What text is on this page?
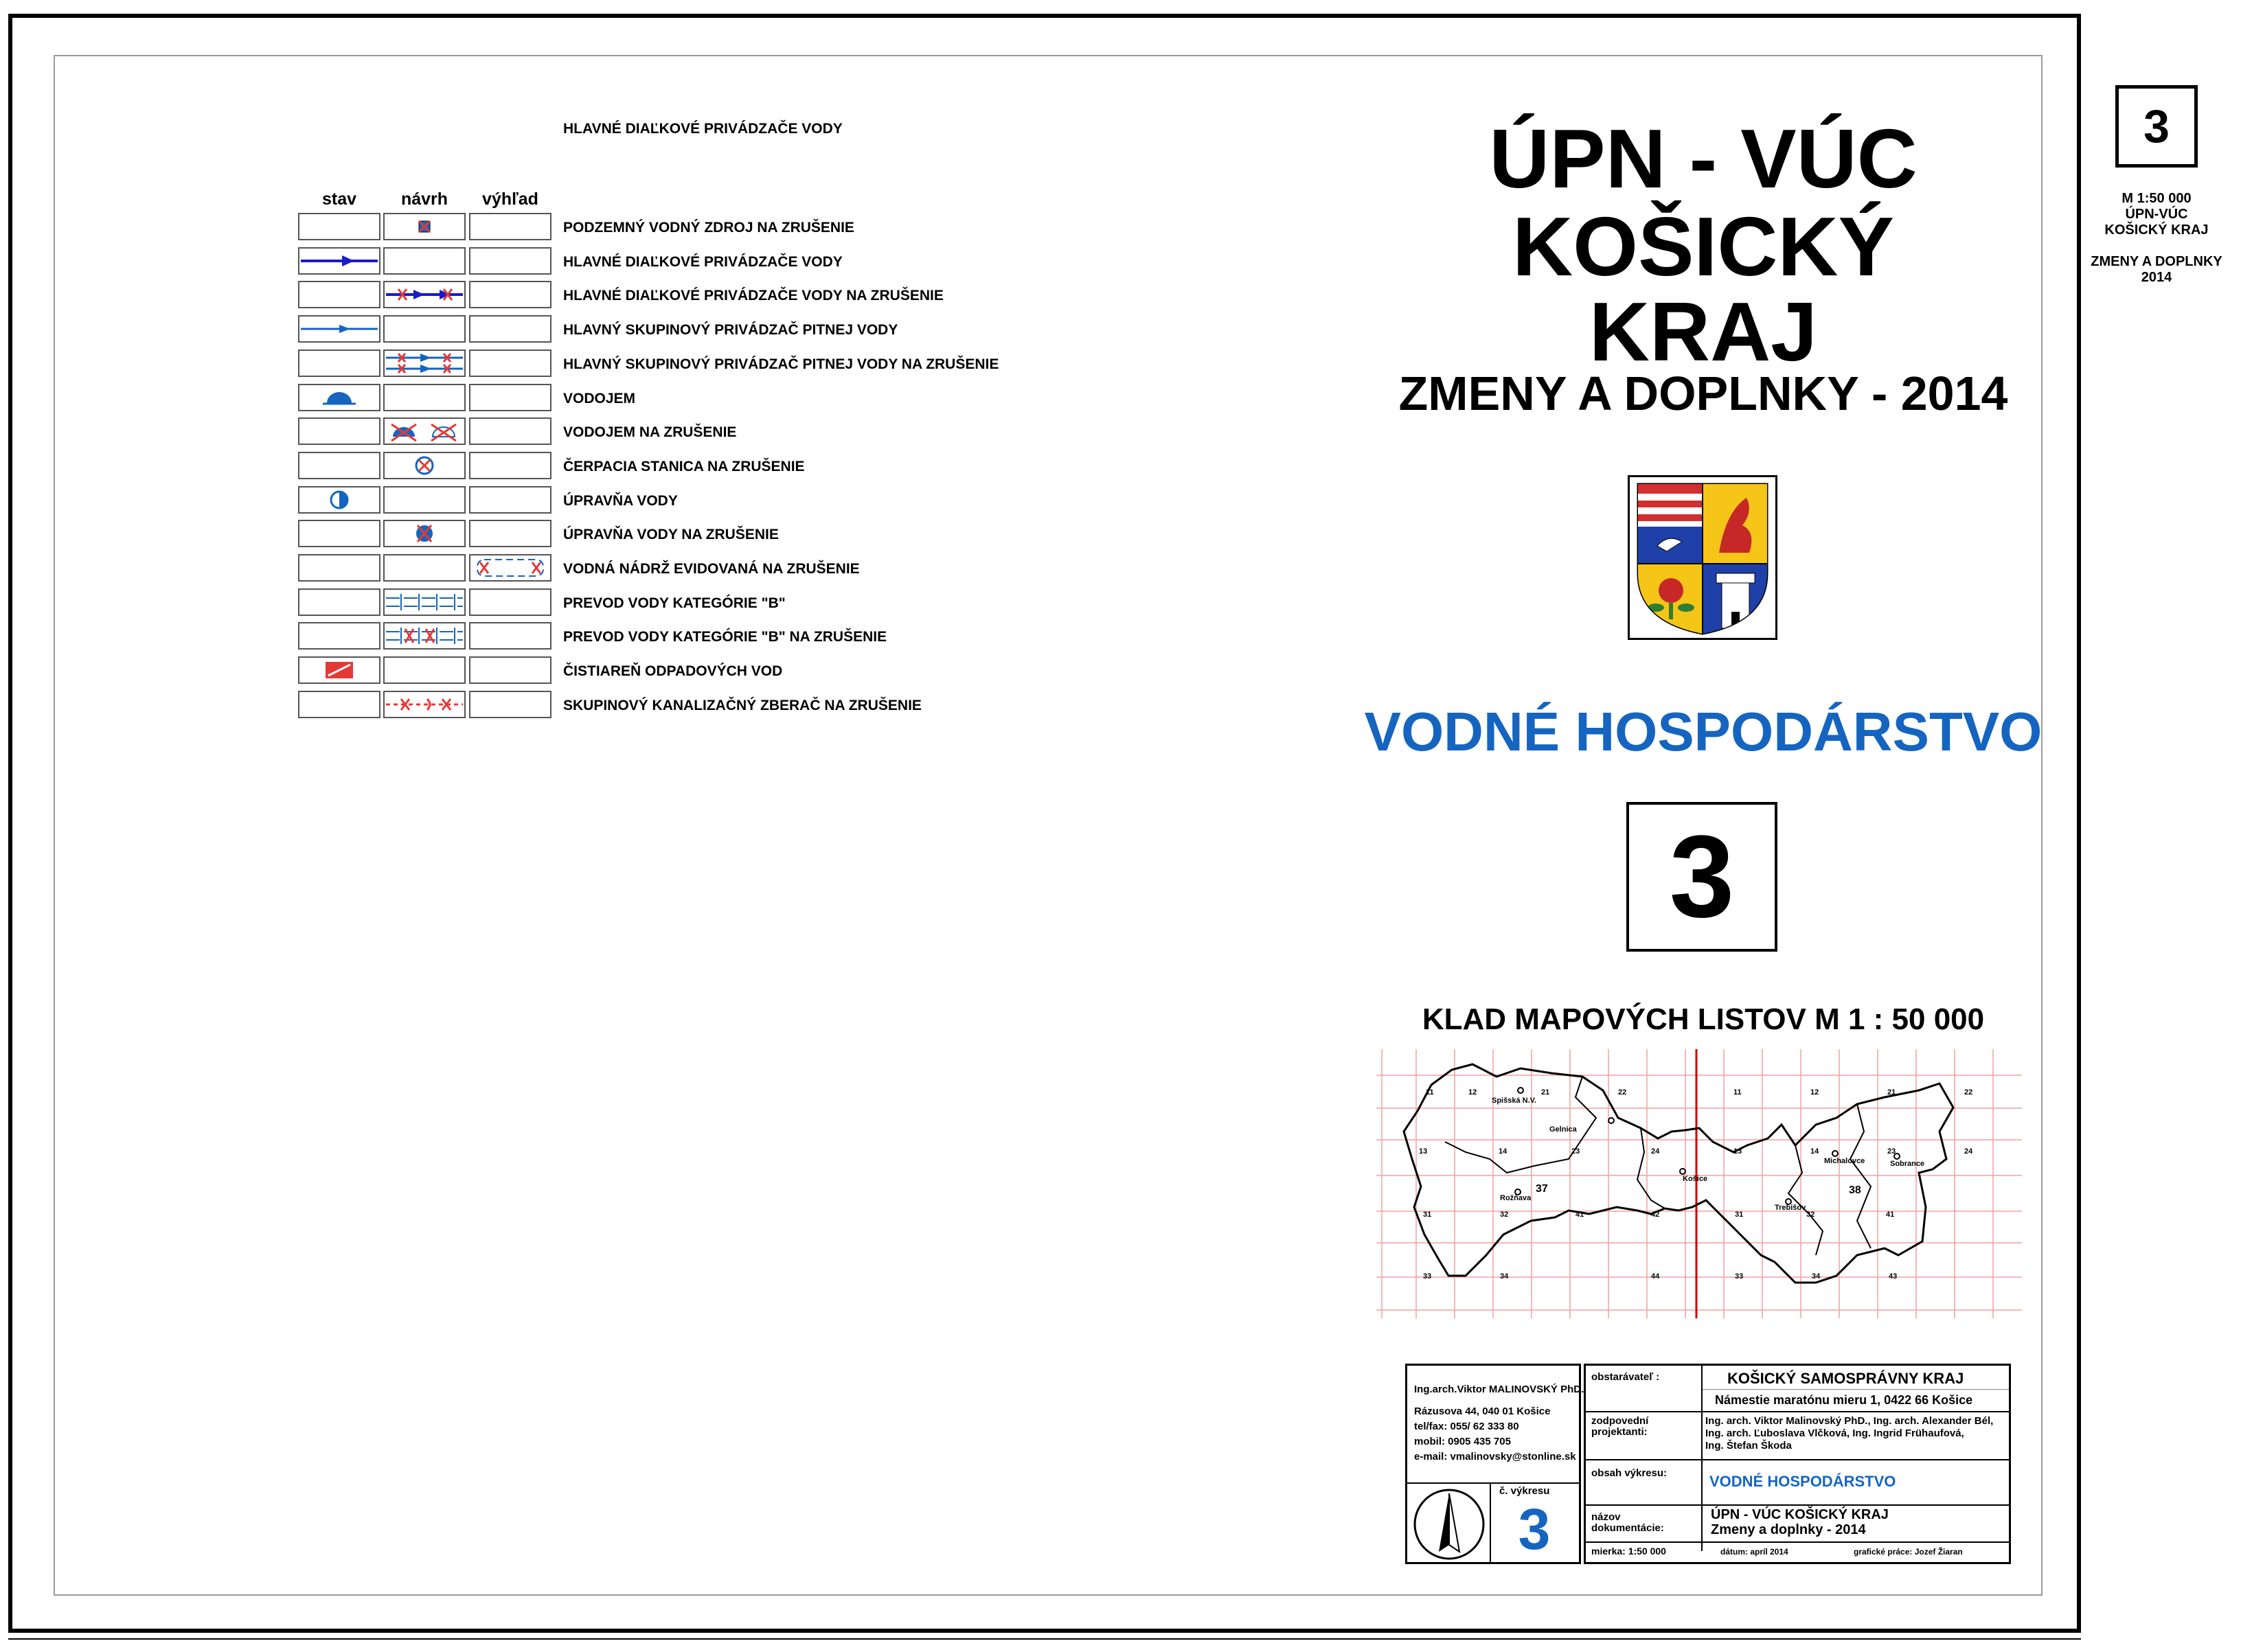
HLAVNÉ DIAĽKOVÉ PRIVÁDZAČE VODY
stav	návrh	výhľad
PODZEMNÝ VODNÝ ZDROJ NA ZRUŠENIE
HLAVNÉ DIAĽKOVÉ PRIVÁDZAČE VODY
HLAVNÉ DIAĽKOVÉ PRIVÁDZAČE VODY NA ZRUŠENIE
HLAVNÝ SKUPINOVÝ PRIVÁDZAČ PITNEJ VODY
HLAVNÝ SKUPINOVÝ PRIVÁDZAČ PITNEJ VODY NA ZRUŠENIE
VODOJEM
VODOJEM NA ZRUŠENIE
ČERPACIA STANICA NA ZRUŠENIE
ÚPRAVŇA VODY
ÚPRAVŇA VODY NA ZRUŠENIE
VODNÁ NÁDRŽ EVIDOVANÁ NA ZRUŠENIE
PREVOD VODY KATEGÓRIE "B"
PREVOD VODY KATEGÓRIE "B" NA ZRUŠENIE
ČISTIAREŇ ODPADOVÝCH VOD
SKUPINOVÝ KANALIZAČNÝ ZBERAČ NA ZRUŠENIE
ÚPN - VÚC
KOŠICKÝ
KRAJ
ZMENY A DOPLNKY - 2014
VODNÉ HOSPODÁRSTVO
3
KLAD MAPOVÝCH LISTOV M 1 : 50 000
11	12	21	22	11	12	21	22
13	14	23	24	13	14	23	24
31	32	41	42	31	32	41
33	34	44	33	34	43
37	38
Spišská N.V.
Gelnica
Košice
Rožňava
Michalovce	Sobrance
Trebišov
3
M 1:50 000
ÚPN-VÚC
KOŠICKÝ KRAJ
ZMENY A DOPLNKY
2014
Ing.arch.Viktor MALINOVSKÝ PhD.
Rázusova 44, 040 01 Košice
tel/fax: 055/ 62 333 80
mobil: 0905 435 705
e-mail: vmalinovsky@stonline.sk
č. výkresu
3
obstarávateľ :	KOŠICKÝ SAMOSPRÁVNY KRAJ
Námestie maratónu mieru 1, 0422 66 Košice
zodpovední
projektanti:
Ing. arch. Viktor Malinovský PhD., Ing. arch. Alexander Bél,
Ing. arch. Ľuboslava Vlčková, Ing. Ingrid Frühaufová,
Ing. Štefan Škoda
obsah výkresu:	VODNÉ HOSPODÁRSTVO
názov
dokumentácie:
ÚPN - VÚC KOŠICKÝ KRAJ
Zmeny a doplnky - 2014
mierka: 1:50 000	dátum: apríl 2014	grafické práce: Jozef Žiaran
